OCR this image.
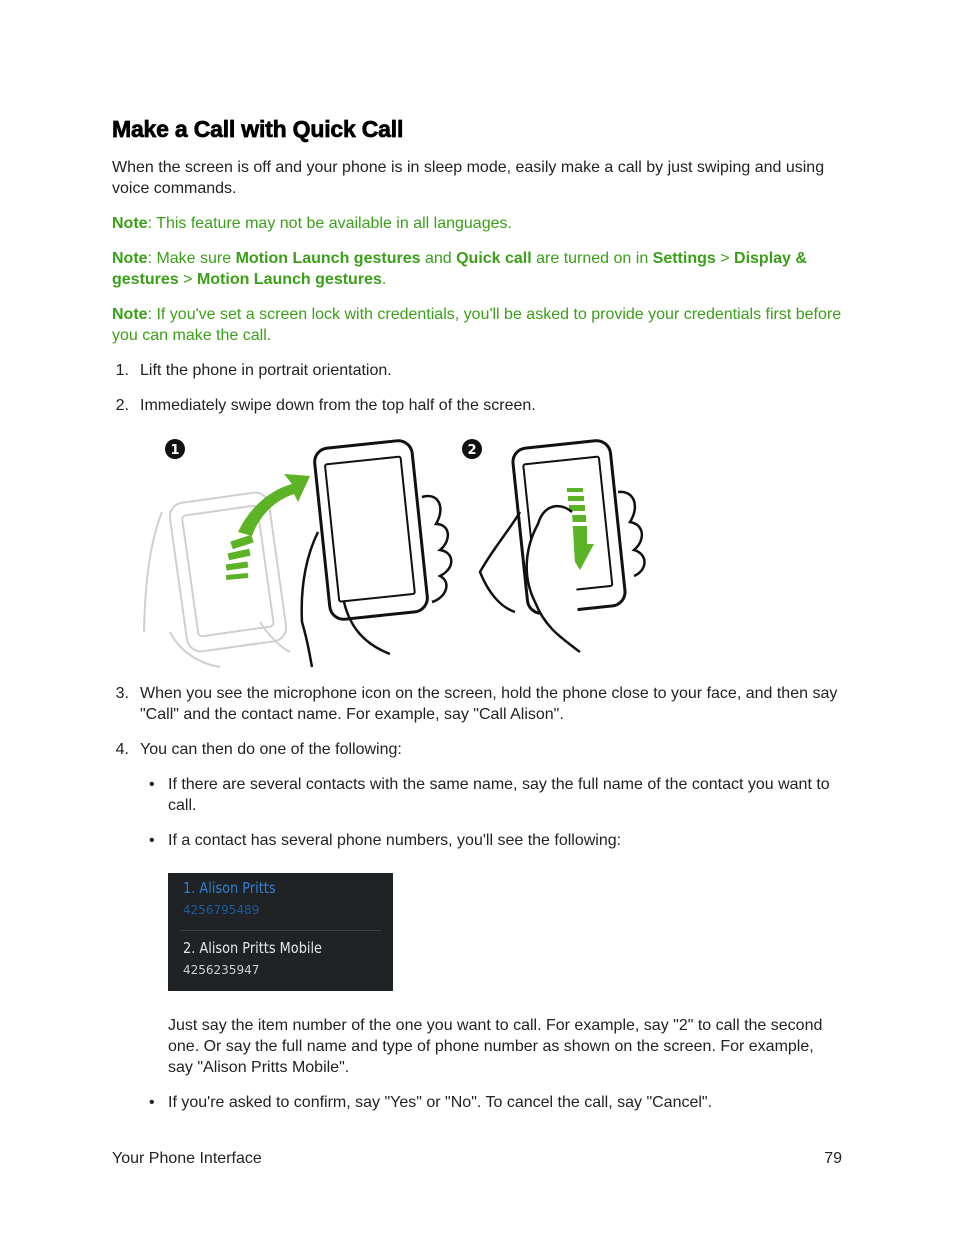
Make a Call with Quick Call

When the screen is off and your phone is in sleep mode, easily make a call by just swiping and using voice commands.

Note: This feature may not be available in all languages.

Note: Make sure Motion Launch gestures and Quick call are turned on in Settings > Display & gestures > Motion Launch gestures.

Note: If you've set a screen lock with credentials, you'll be asked to provide your credentials first before you can make the call.

1. Lift the phone in portrait orientation.
2. Immediately swipe down from the top half of the screen.
1	2
3. When you see the microphone icon on the screen, hold the phone close to your face, and then say "Call" and the contact name. For example, say "Call Alison".
4. You can then do one of the following:
• If there are several contacts with the same name, say the full name of the contact you want to call.
• If a contact has several phone numbers, you'll see the following:
1. Alison Pritts
4256795489
2. Alison Pritts Mobile
4256235947

Just say the item number of the one you want to call. For example, say "2" to call the second one. Or say the full name and type of phone number as shown on the screen. For example, say "Alison Pritts Mobile".

• If you're asked to confirm, say "Yes" or "No". To cancel the call, say "Cancel".
Your Phone Interface	79
